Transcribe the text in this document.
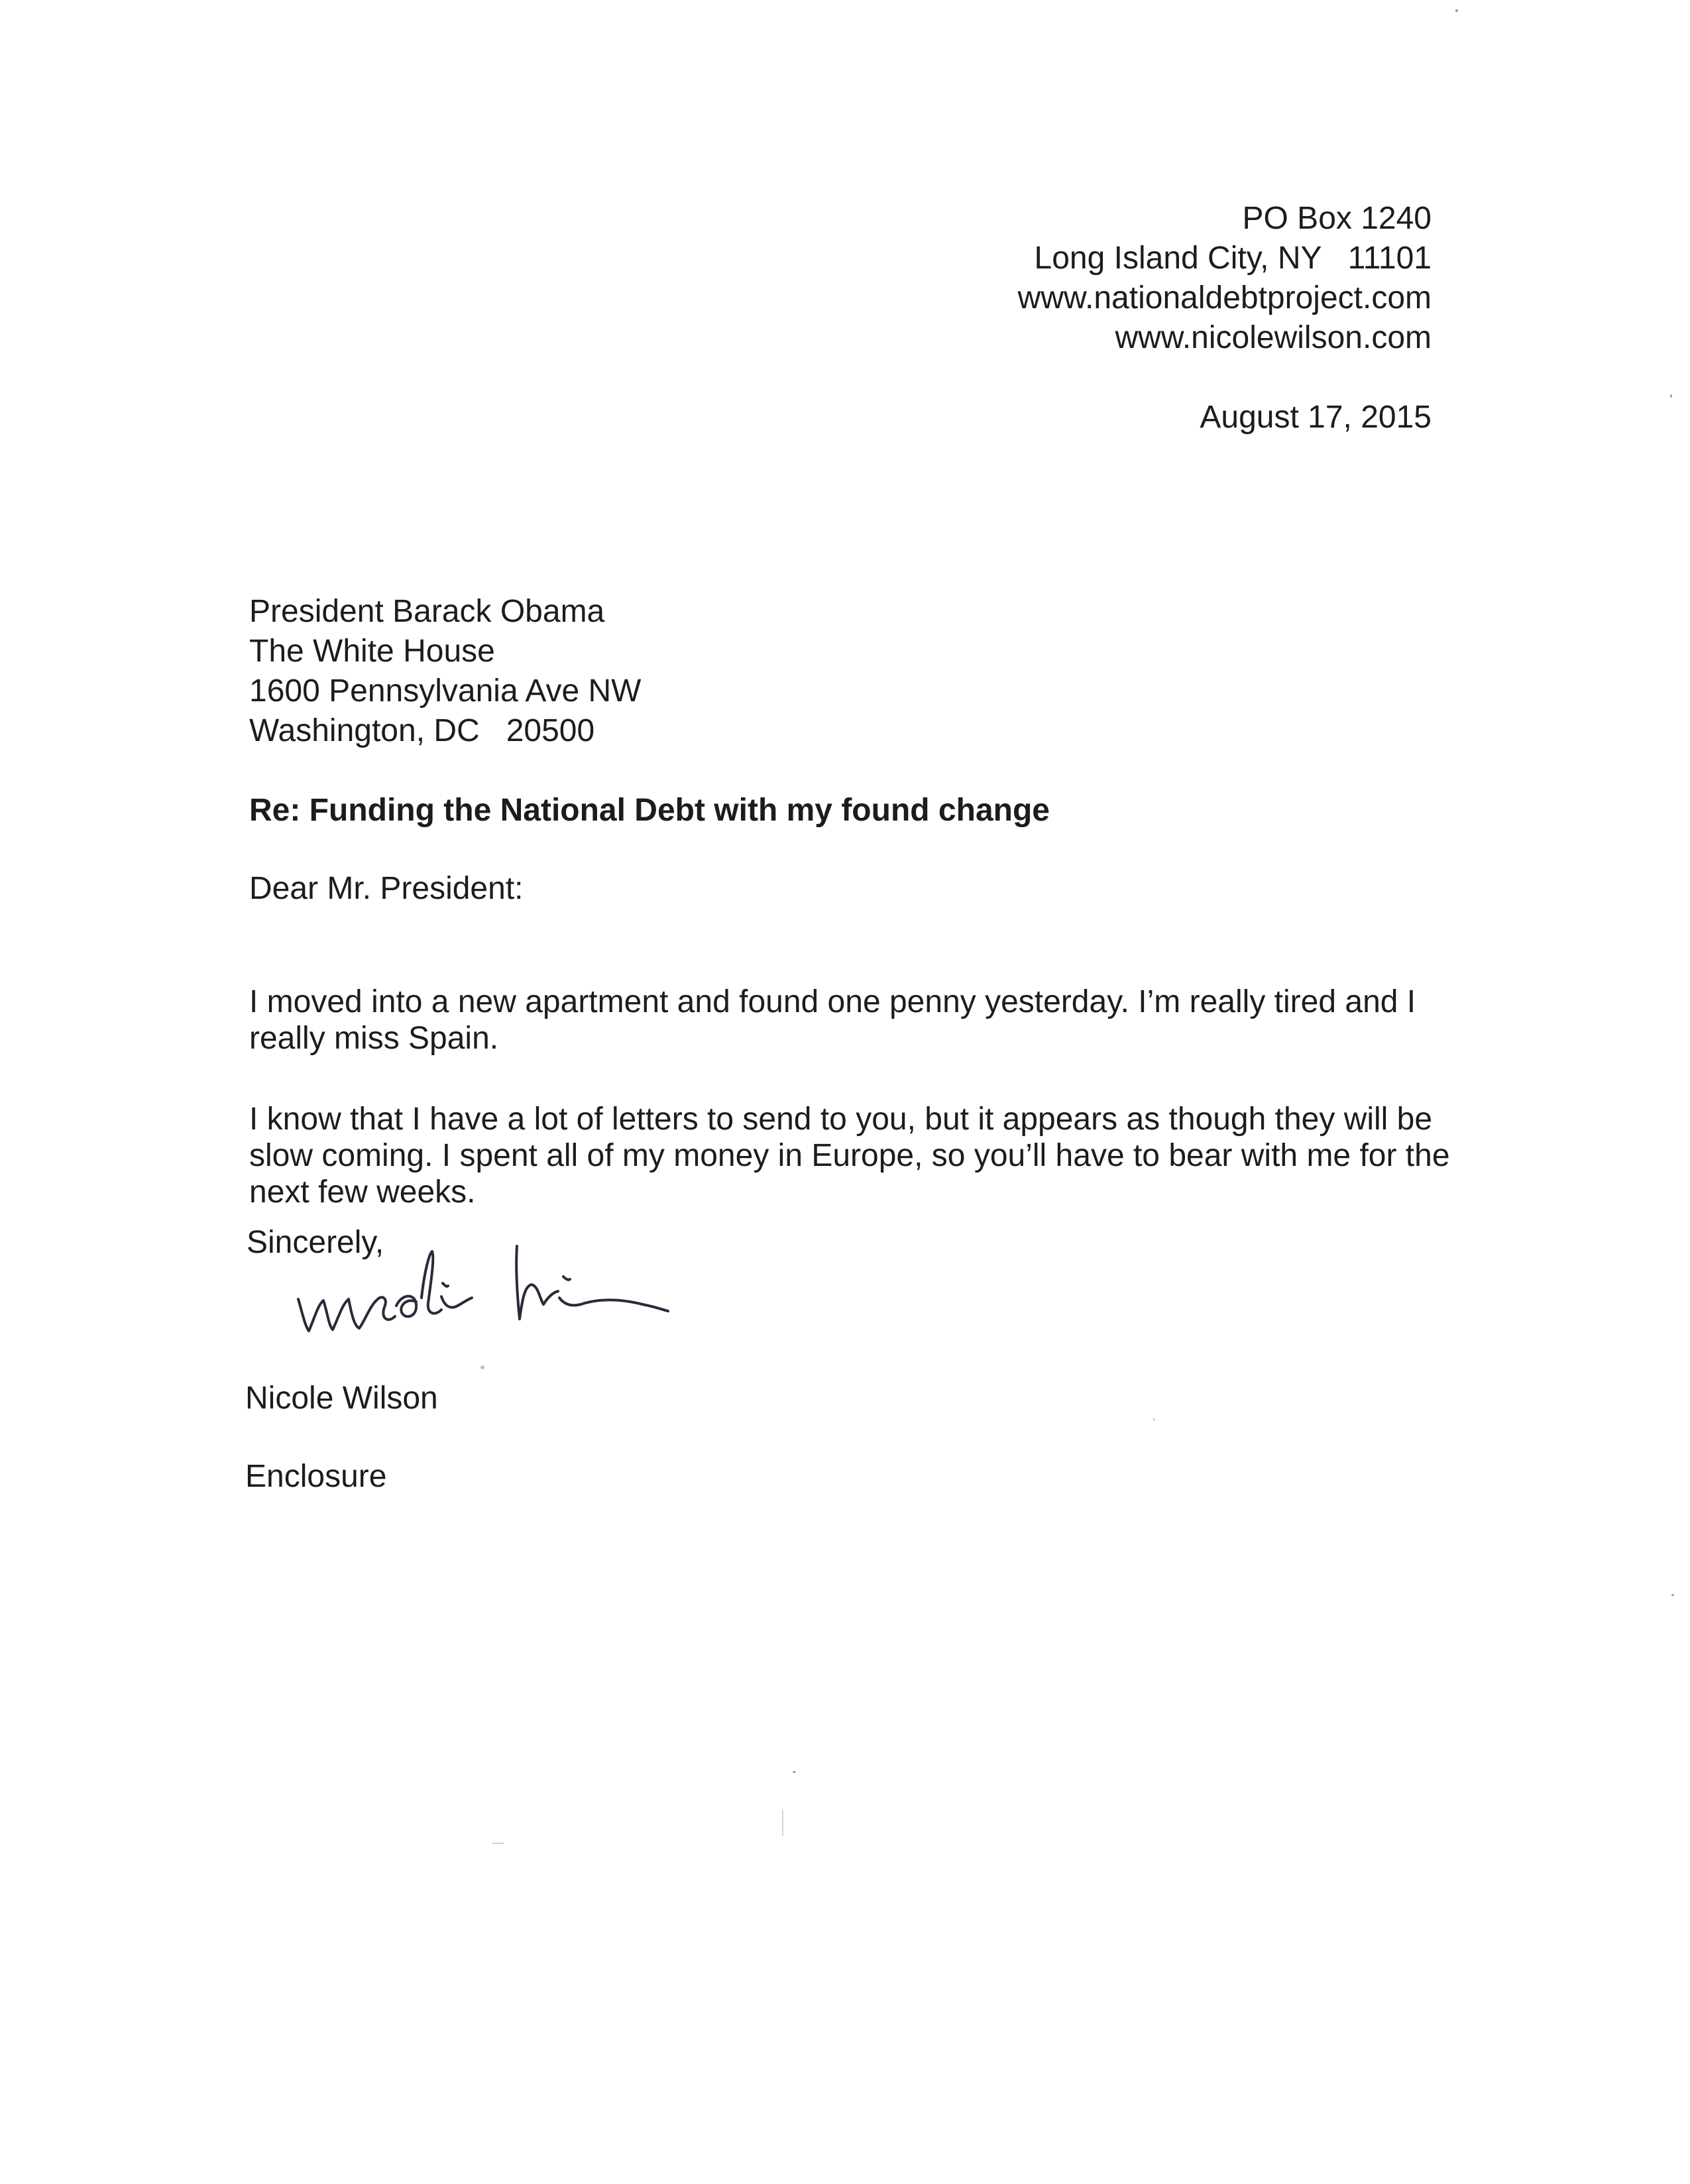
PO Box 1240
Long Island City, NY   11101
www.nationaldebtproject.com
www.nicolewilson.com
August 17, 2015
President Barack Obama
The White House
1600 Pennsylvania Ave NW
Washington, DC   20500
Re: Funding the National Debt with my found change
Dear Mr. President:

I moved into a new apartment and found one penny yesterday. I’m really tired and I really miss Spain.

I know that I have a lot of letters to send to you, but it appears as though they will be slow coming. I spent all of my money in Europe, so you’ll have to bear with me for the next few weeks.

Sincerely,
Nicole Wilson
Enclosure
